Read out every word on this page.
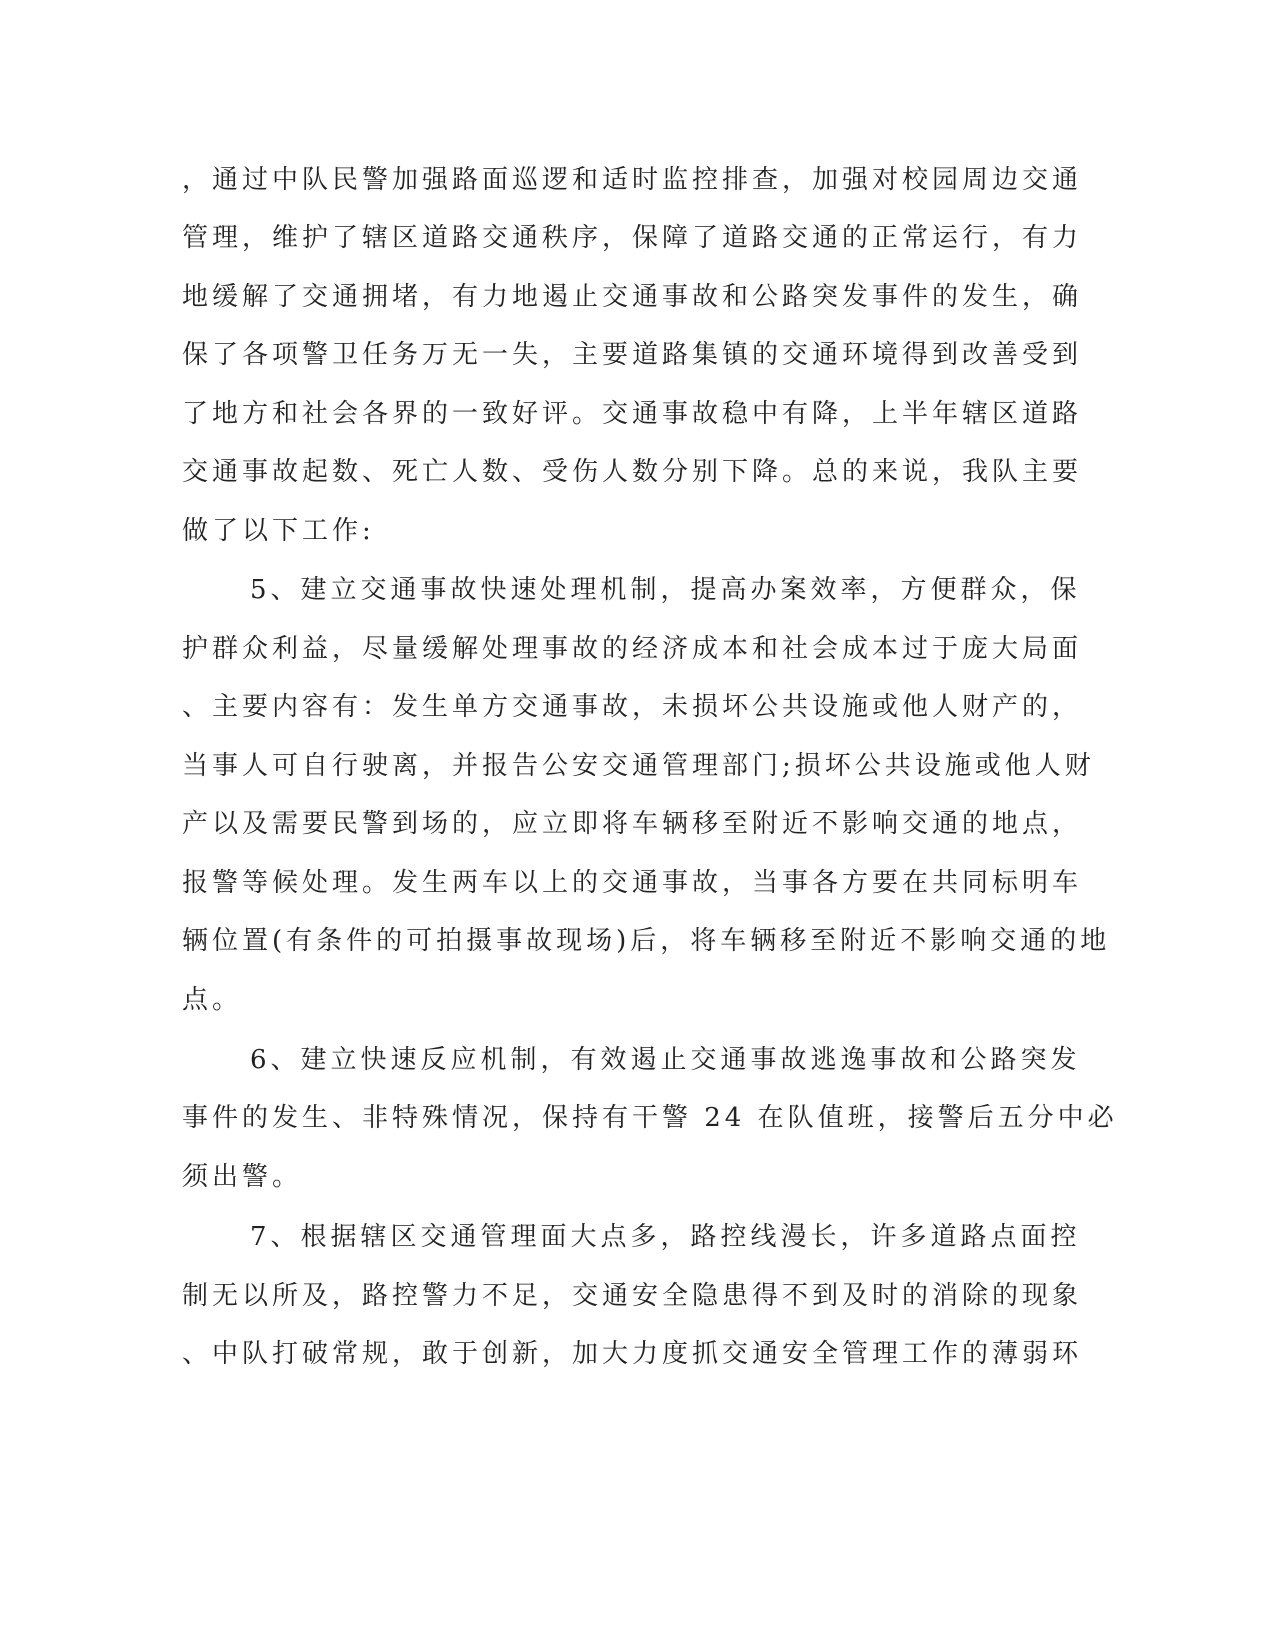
，通过中队民警加强路面巡逻和适时监控排查，加强对校园周边交通
管理，维护了辖区道路交通秩序，保障了道路交通的正常运行，有力
地缓解了交通拥堵，有力地遏止交通事故和公路突发事件的发生，确
保了各项警卫任务万无一失，主要道路集镇的交通环境得到改善受到
了地方和社会各界的一致好评。交通事故稳中有降，上半年辖区道路
交通事故起数、死亡人数、受伤人数分别下降。总的来说，我队主要
做了以下工作:
5、建立交通事故快速处理机制，提高办案效率，方便群众，保
护群众利益，尽量缓解处理事故的经济成本和社会成本过于庞大局面
、主要内容有：发生单方交通事故，未损坏公共设施或他人财产的，
当事人可自行驶离，并报告公安交通管理部门;损坏公共设施或他人财
产以及需要民警到场的，应立即将车辆移至附近不影响交通的地点，
报警等候处理。发生两车以上的交通事故，当事各方要在共同标明车
辆位置(有条件的可拍摄事故现场)后，将车辆移至附近不影响交通的地
点。
6、建立快速反应机制，有效遏止交通事故逃逸事故和公路突发
事件的发生、非特殊情况，保持有干警 24 在队值班，接警后五分中必
须出警。
7、根据辖区交通管理面大点多，路控线漫长，许多道路点面控
制无以所及，路控警力不足，交通安全隐患得不到及时的消除的现象
、中队打破常规，敢于创新，加大力度抓交通安全管理工作的薄弱环
